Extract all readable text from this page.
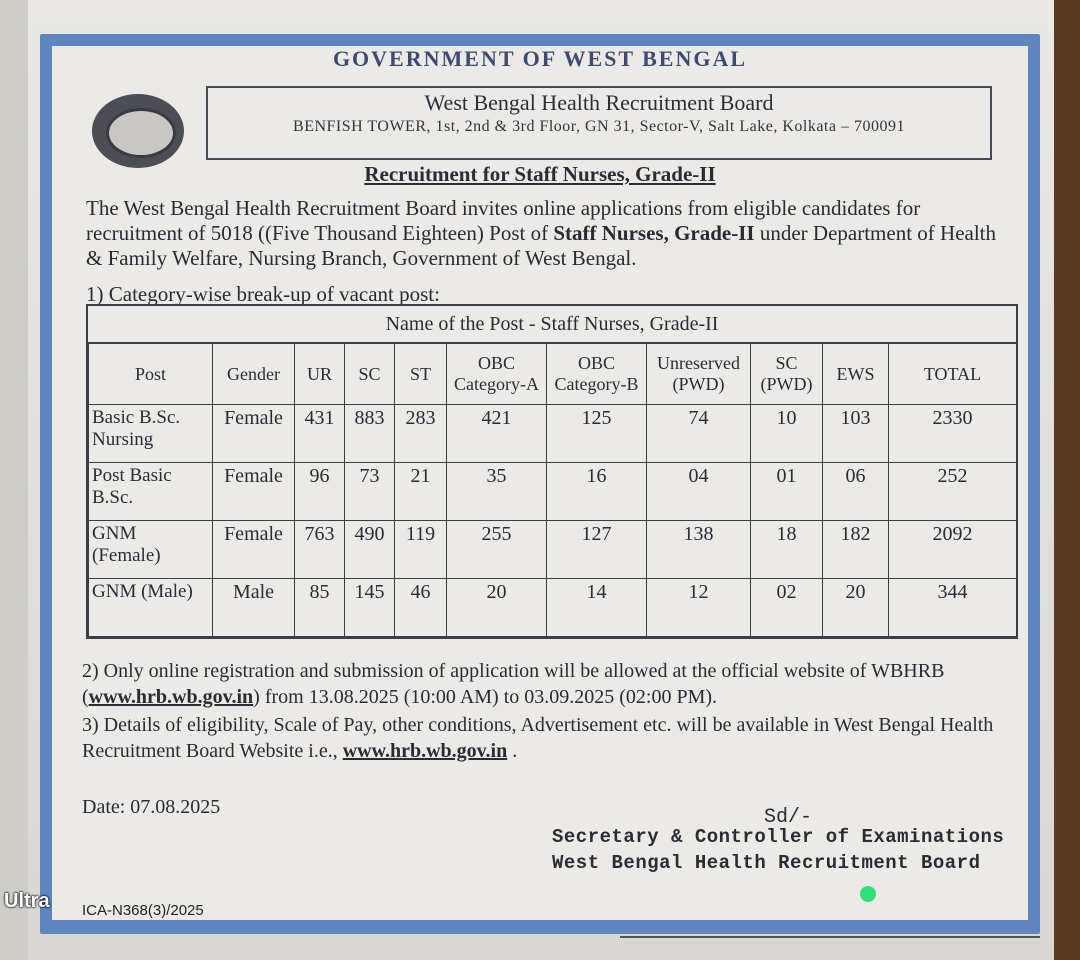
GOVERNMENT OF WEST BENGAL
West Bengal Health Recruitment Board
BENFISH TOWER, 1st, 2nd & 3rd Floor, GN 31, Sector-V, Salt Lake, Kolkata – 700091
Recruitment for Staff Nurses, Grade-II
The West Bengal Health Recruitment Board invites online applications from eligible candidates for recruitment of 5018 ((Five Thousand Eighteen) Post of Staff Nurses, Grade-II under Department of Health & Family Welfare, Nursing Branch, Government of West Bengal.
1) Category-wise break-up of vacant post:
Name of the Post - Staff Nurses, Grade-II
Post	Gender	UR	SC	ST	OBC Category-A	OBC Category-B	Unreserved (PWD)	SC (PWD)	EWS	TOTAL
Basic B.Sc. Nursing	Female	431	883	283	421	125	74	10	103	2330
Post Basic B.Sc.	Female	96	73	21	35	16	04	01	06	252
GNM (Female)	Female	763	490	119	255	127	138	18	182	2092
GNM (Male)	Male	85	145	46	20	14	12	02	20	344
2) Only online registration and submission of application will be allowed at the official website of WBHRB (www.hrb.wb.gov.in) from 13.08.2025 (10:00 AM) to 03.09.2025 (02:00 PM).
3) Details of eligibility, Scale of Pay, other conditions, Advertisement etc. will be available in West Bengal Health Recruitment Board Website i.e., www.hrb.wb.gov.in .
Date: 07.08.2025	Sd/-
Secretary & Controller of Examinations
West Bengal Health Recruitment Board
ICA-N368(3)/2025
Ultra
